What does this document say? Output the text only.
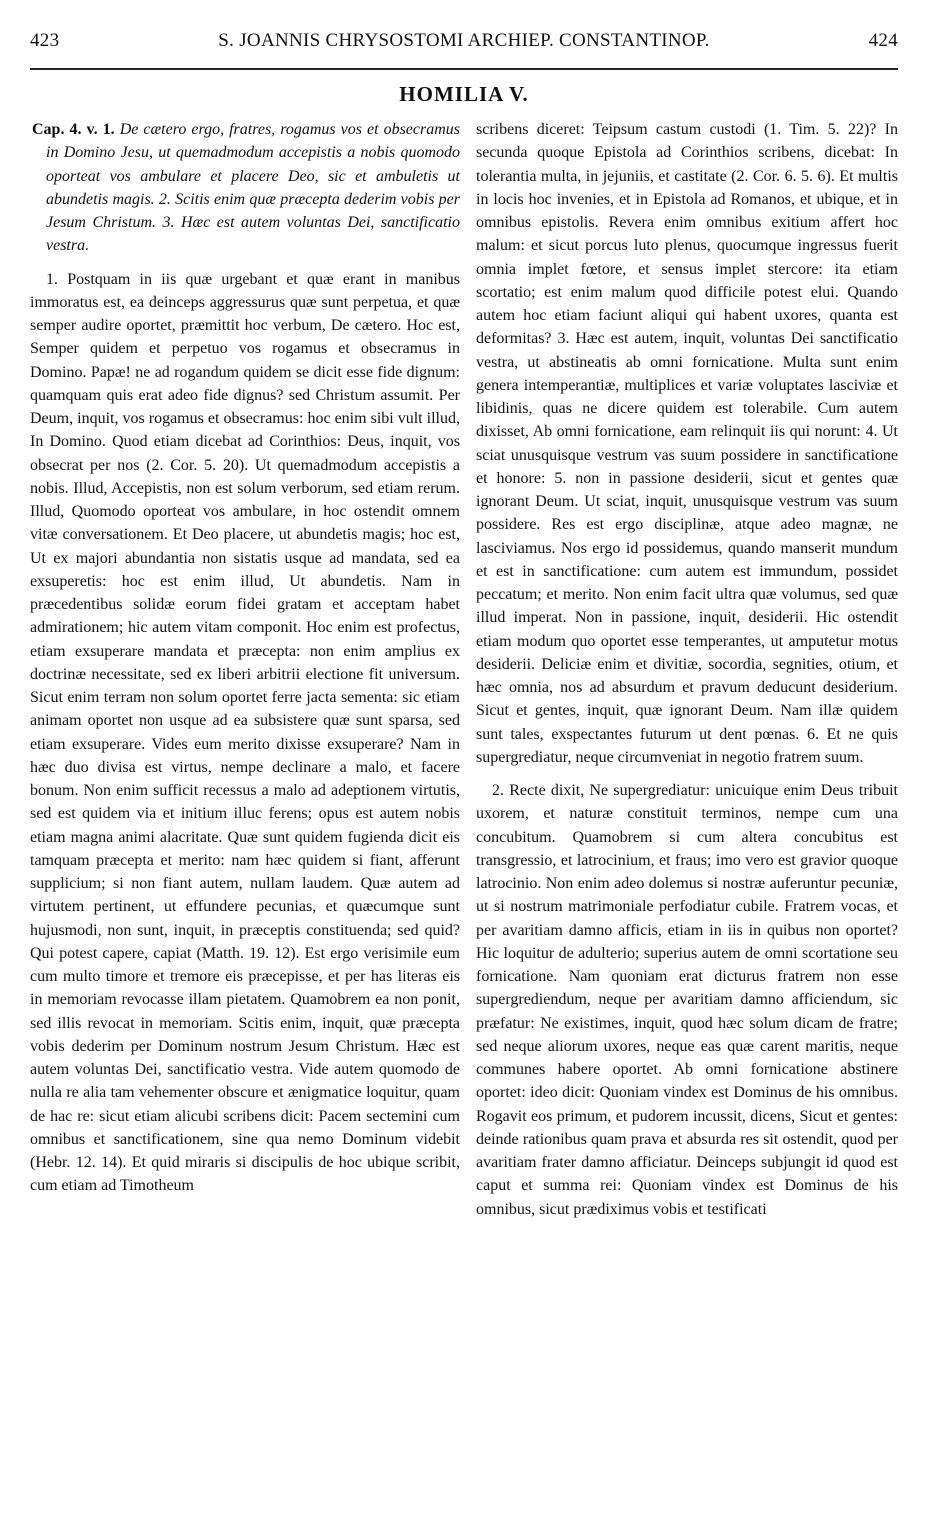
423	S. JOANNIS CHRYSOSTOMI ARCHIEP. CONSTANTINOP.	424
HOMILIA V.

Cap. 4. v. 1. De cætero ergo, fratres, rogamus vos et obsecramus in Domino Jesu, ut quemadmodum accepistis a nobis quomodo oporteat vos ambulare et placere Deo, sic et ambuletis ut abundetis magis. 2. Scitis enim quæ præcepta dederim vobis per Jesum Christum. 3. Hæc est autem voluntas Dei, sanctificatio vestra.

1. Postquam in iis quæ urgebant et quæ erant in manibus immoratus est, ea deinceps aggressurus quæ sunt perpetua, et quæ semper audire oportet, præmittit hoc verbum, De cætero. Hoc est, Semper quidem et perpetuo vos rogamus et obsecramus in Domino. Papæ! ne ad rogandum quidem se dicit esse fide dignum: quamquam quis erat adeo fide dignus? sed Christum assumit. Per Deum, inquit, vos rogamus et obsecramus: hoc enim sibi vult illud, In Domino. Quod etiam dicebat ad Corinthios: Deus, inquit, vos obsecrat per nos (2. Cor. 5. 20). Ut quemadmodum accepistis a nobis. Illud, Accepistis, non est solum verborum, sed etiam rerum. Illud, Quomodo oporteat vos ambulare, in hoc ostendit omnem vitæ conversationem. Et Deo placere, ut abundetis magis; hoc est, Ut ex majori abundantia non sistatis usque ad mandata, sed ea exsuperetis: hoc est enim illud, Ut abundetis. Nam in præcedentibus solidæ eorum fidei gratam et acceptam habet admirationem; hic autem vitam componit. Hoc enim est profectus, etiam exsuperare mandata et præcepta: non enim amplius ex doctrinæ necessitate, sed ex liberi arbitrii electione fit universum. Sicut enim terram non solum oportet ferre jacta sementa: sic etiam animam oportet non usque ad ea subsistere quæ sunt sparsa, sed etiam exsuperare. Vides eum merito dixisse exsuperare? Nam in hæc duo divisa est virtus, nempe declinare a malo, et facere bonum. Non enim sufficit recessus a malo ad adeptionem virtutis, sed est quidem via et initium illuc ferens; opus est autem nobis etiam magna animi alacritate. Quæ sunt quidem fugienda dicit eis tamquam præcepta et merito: nam hæc quidem si fiant, afferunt supplicium; si non fiant autem, nullam laudem. Quæ autem ad virtutem pertinent, ut effundere pecunias, et quæcumque sunt hujusmodi, non sunt, inquit, in præceptis constituenda; sed quid? Qui potest capere, capiat (Matth. 19. 12). Est ergo verisimile eum cum multo timore et tremore eis præcepisse, et per has literas eis in memoriam revocasse illam pietatem. Quamobrem ea non ponit, sed illis revocat in memoriam. Scitis enim, inquit, quæ præcepta vobis dederim per Dominum nostrum Jesum Christum. Hæc est autem voluntas Dei, sanctificatio vestra. Vide autem quomodo de nulla re alia tam vehementer obscure et ænigmatice loquitur, quam de hac re: sicut etiam alicubi scribens dicit: Pacem sectemini cum omnibus et sanctificationem, sine qua nemo Dominum videbit (Hebr. 12. 14). Et quid miraris si discipulis de hoc ubique scribit, cum etiam ad Timotheum

scribens diceret: Teipsum castum custodi (1. Tim. 5. 22)? In secunda quoque Epistola ad Corinthios scribens, dicebat: In tolerantia multa, in jejuniis, et castitate (2. Cor. 6. 5. 6). Et multis in locis hoc invenies, et in Epistola ad Romanos, et ubique, et in omnibus epistolis. Revera enim omnibus exitium affert hoc malum: et sicut porcus luto plenus, quocumque ingressus fuerit omnia implet fœtore, et sensus implet stercore: ita etiam scortatio; est enim malum quod difficile potest elui. Quando autem hoc etiam faciunt aliqui qui habent uxores, quanta est deformitas? 3. Hæc est autem, inquit, voluntas Dei sanctificatio vestra, ut abstineatis ab omni fornicatione. Multa sunt enim genera intemperantiæ, multiplices et variæ voluptates lasciviæ et libidinis, quas ne dicere quidem est tolerabile. Cum autem dixisset, Ab omni fornicatione, eam relinquit iis qui norunt: 4. Ut sciat unusquisque vestrum vas suum possidere in sanctificatione et honore: 5. non in passione desiderii, sicut et gentes quæ ignorant Deum. Ut sciat, inquit, unusquisque vestrum vas suum possidere. Res est ergo disciplinæ, atque adeo magnæ, ne lasciviamus. Nos ergo id possidemus, quando manserit mundum et est in sanctificatione: cum autem est immundum, possidet peccatum; et merito. Non enim facit ultra quæ volumus, sed quæ illud imperat. Non in passione, inquit, desiderii. Hic ostendit etiam modum quo oportet esse temperantes, ut amputetur motus desiderii. Deliciæ enim et divitiæ, socordia, segnities, otium, et hæc omnia, nos ad absurdum et pravum deducunt desiderium. Sicut et gentes, inquit, quæ ignorant Deum. Nam illæ quidem sunt tales, exspectantes futurum ut dent pœnas. 6. Et ne quis supergrediatur, neque circumveniat in negotio fratrem suum.

2. Recte dixit, Ne supergrediatur: unicuique enim Deus tribuit uxorem, et naturæ constituit terminos, nempe cum una concubitum. Quamobrem si cum altera concubitus est transgressio, et latrocinium, et fraus; imo vero est gravior quoque latrocinio. Non enim adeo dolemus si nostræ auferuntur pecuniæ, ut si nostrum matrimoniale perfodiatur cubile. Fratrem vocas, et per avaritiam damno afficis, etiam in iis in quibus non oportet? Hic loquitur de adulterio; superius autem de omni scortatione seu fornicatione. Nam quoniam erat dicturus fratrem non esse supergrediendum, neque per avaritiam damno afficiendum, sic præfatur: Ne existimes, inquit, quod hæc solum dicam de fratre; sed neque aliorum uxores, neque eas quæ carent maritis, neque communes habere oportet. Ab omni fornicatione abstinere oportet: ideo dicit: Quoniam vindex est Dominus de his omnibus. Rogavit eos primum, et pudorem incussit, dicens, Sicut et gentes: deinde rationibus quam prava et absurda res sit ostendit, quod per avaritiam frater damno afficiatur. Deinceps subjungit id quod est caput et summa rei: Quoniam vindex est Dominus de his omnibus, sicut prædiximus vobis et testificati
